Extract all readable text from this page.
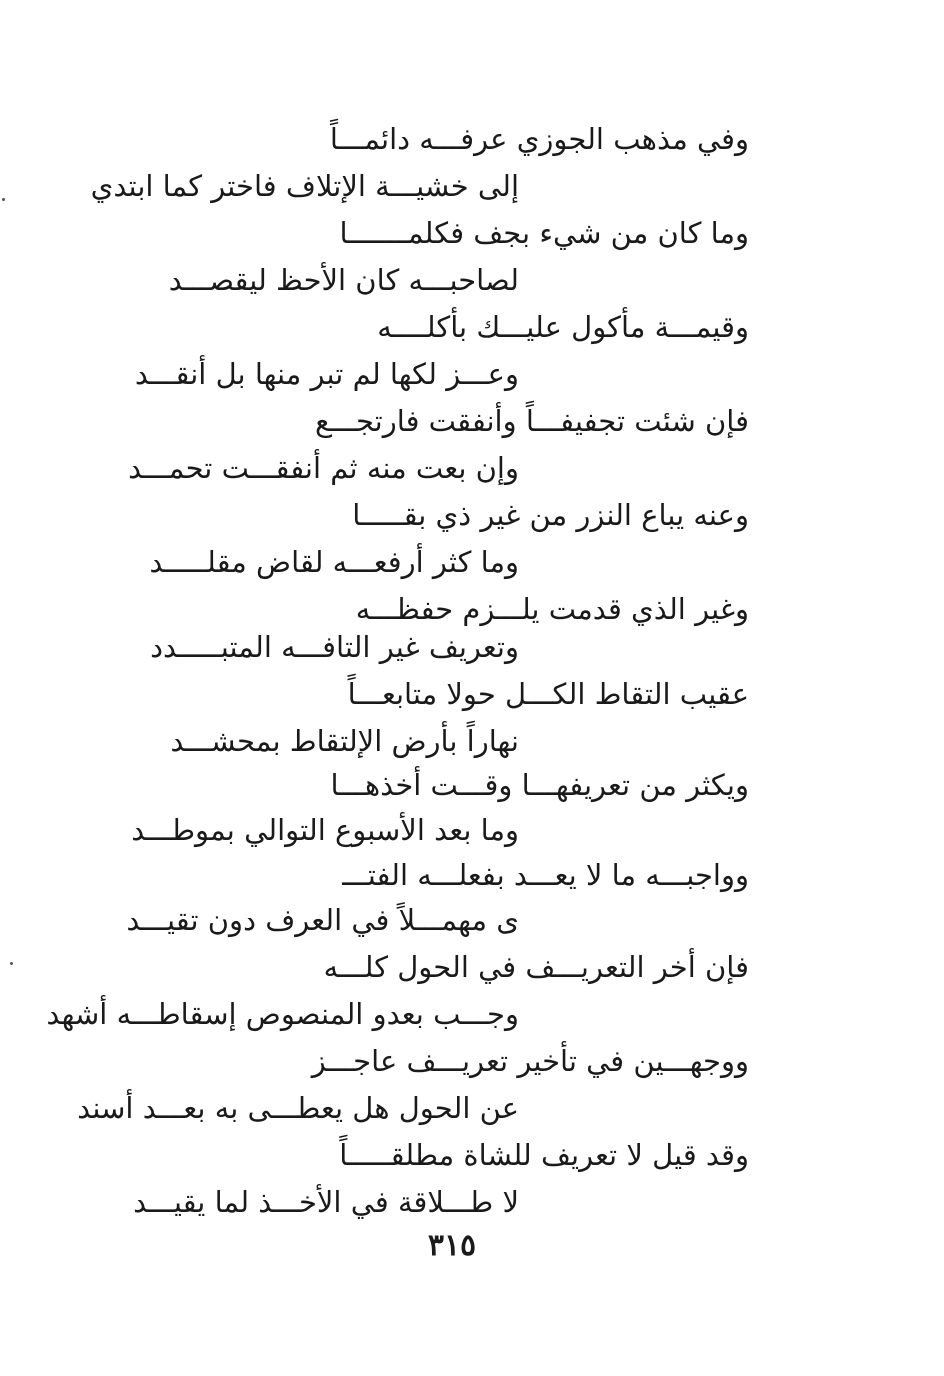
وفي مذهب الجوزي عرفـــه دائمـــاً
إلى خشيـــة الإتلاف فاختر كما ابتدي
وما كان من شيء بجف فكلمـــــــا
لصاحبـــه كان الأحظ ليقصـــد
وقيمـــة مأكول عليـــك بأكلــــه
وعـــز لكها لم تبر منها بل أنقـــد
فإن شئت تجفيفـــاً وأنفقت فارتجـــع
وإن بعت منه ثم أنفقـــت تحمـــد
وعنه يباع النزر من غير ذي بقـــــا
وما كثر أرفعـــه لقاض مقلـــــد
وغير الذي قدمت يلـــزم حفظـــه
وتعريف غير التافـــه المتبـــــدد
عقيب التقاط الكـــل حولا متابعـــاً
نهاراً بأرض الإلتقاط بمحشـــد
ويكثر من تعريفهـــا وقـــت أخذهـــا
وما بعد الأسبوع التوالي بموطـــد
وواجبـــه ما لا يعـــد بفعلـــه الفتـــ
ى مهمـــلاً في العرف دون تقيـــد
فإن أخر التعريـــف في الحول كلـــه
وجـــب بعدو المنصوص إسقاطـــه أشهد
ووجهـــين في تأخير تعريـــف عاجـــز
عن الحول هل يعطـــى به بعـــد أسند
وقد قيل لا تعريف للشاة مطلقـــــاً
لا طـــلاقة في الأخـــذ لما يقيـــد
٣١٥
